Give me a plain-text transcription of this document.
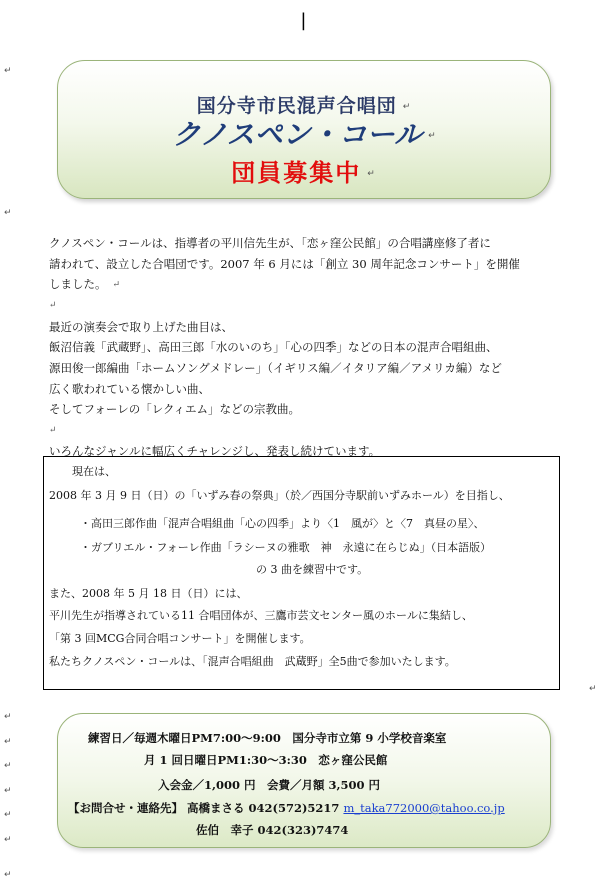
|
↵
↵
↵
↵
↵
↵
↵
↵
↵
↵
国分寺市民混声合唱団 ↵
クノスペン・コール ↵
団員募集中 ↵

クノスペン・コールは、指導者の平川信先生が、「恋ヶ窪公民館」の合唱講座修了者に

請われて、設立した合唱団です。2007 年 6 月には「創立 30 周年記念コンサート」を開催

しました。 ↵

↵

最近の演奏会で取り上げた曲目は、

飯沼信義「武蔵野」、高田三郎「水のいのち」「心の四季」などの日本の混声合唱組曲、

源田俊一郎編曲「ホームソングメドレー」（イギリス編／イタリア編／アメリカ編）など

広く歌われている懐かしい曲、

そしてフォーレの「レクィエム」などの宗教曲。

↵

いろんなジャンルに幅広くチャレンジし、発表し続けています。

現在は、

2008 年 3 月 9 日（日）の「いずみ春の祭典」（於／西国分寺駅前いずみホール）を目指し、

・高田三郎作曲「混声合唱組曲「心の四季」より〈1　風が〉と〈7　真昼の星〉、

・ガブリエル・フォーレ作曲「ラシーヌの雅歌　神　永遠に在らじぬ」（日本語版）

の 3 曲を練習中です。

また、2008 年 5 月 18 日（日）には、

平川先生が指導されている11 合唱団体が、三鷹市芸文センター風のホールに集結し、

「第 3 回MCG合同合唱コンサート」を開催します。

私たちクノスペン・コールは、「混声合唱組曲　武蔵野」全5曲で参加いたします。

練習日／毎週木曜日PM7:00～9:00　国分寺市立第 9 小学校音楽室

月 1 回日曜日PM1:30～3:30　恋ヶ窪公民館

入会金／1,000 円　会費／月額 3,500 円

【お問合せ・連絡先】 高橋まさる 042(572)5217 m_taka772000@tahoo.co.jp

佐伯　幸子 042(323)7474
